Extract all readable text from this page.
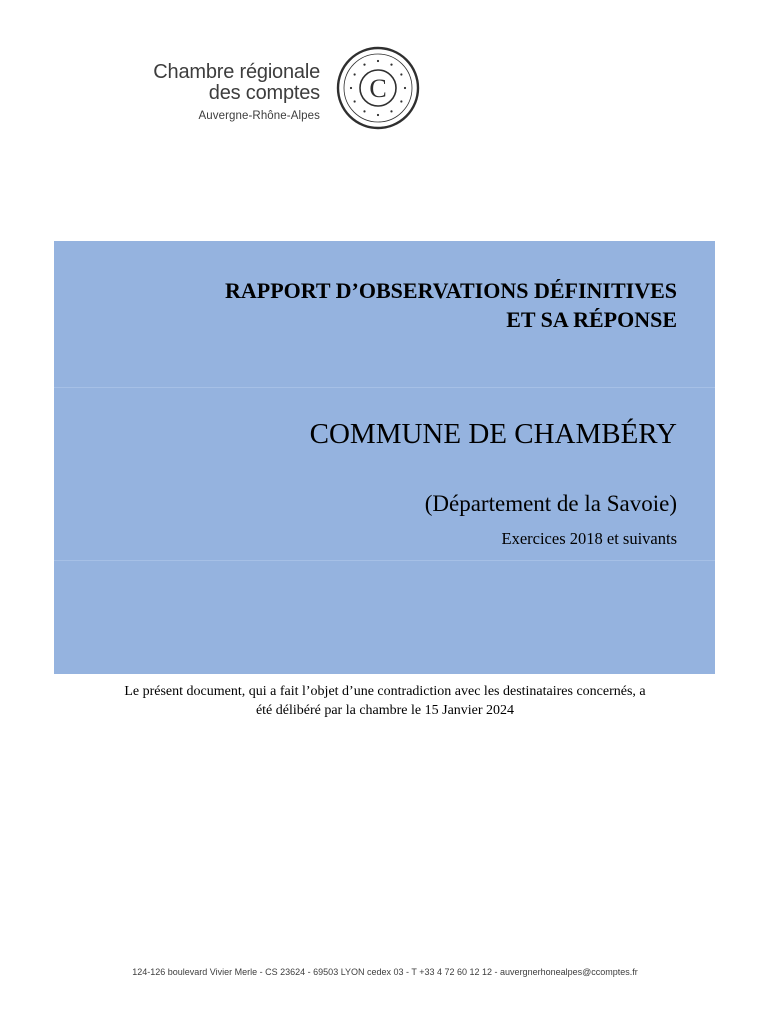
Chambre régionale
des comptes
Auvergne-Rhône-Alpes
C
RAPPORT D’OBSERVATIONS DÉFINITIVES
ET SA RÉPONSE
COMMUNE DE CHAMBÉRY
(Département de la Savoie)
Exercices 2018 et suivants
Le présent document, qui a fait l’objet d’une contradiction avec les destinataires concernés, a
été délibéré par la chambre le 15 Janvier 2024
124-126 boulevard Vivier Merle - CS 23624 - 69503 LYON cedex 03 - T +33 4 72 60 12 12 - auvergnerhonealpes@ccomptes.fr
